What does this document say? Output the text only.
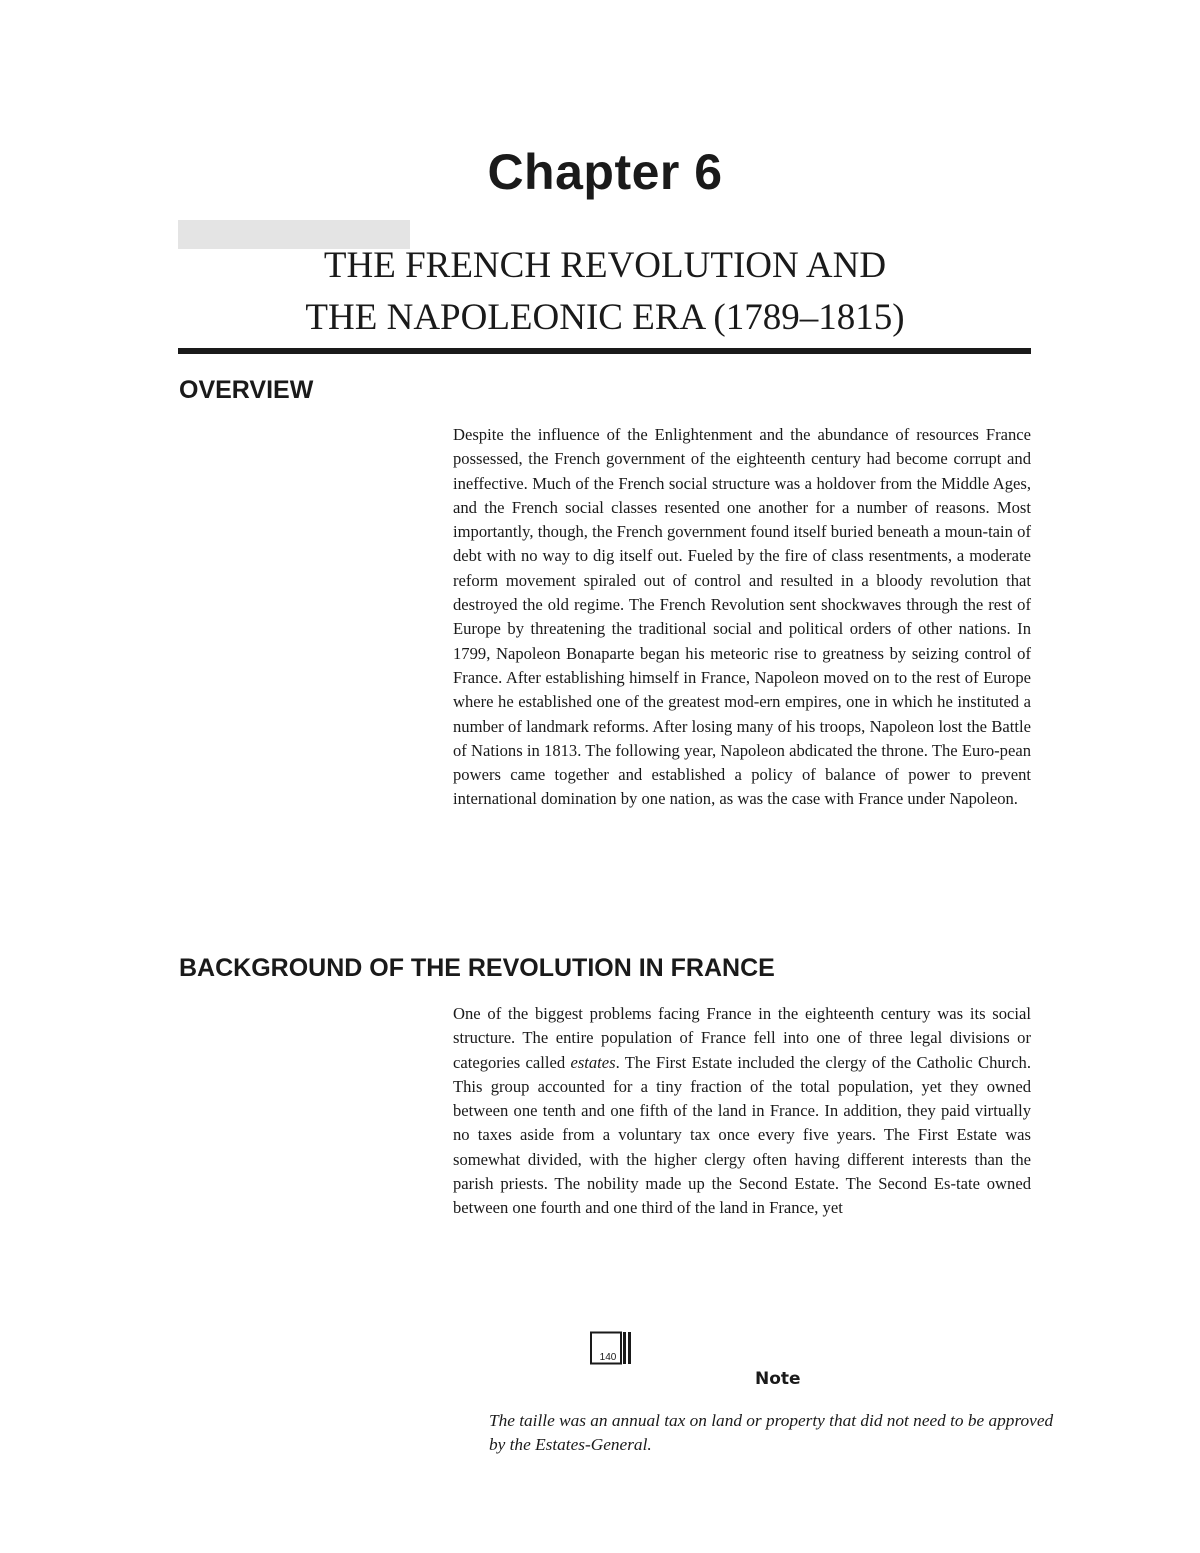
Chapter 6
THE FRENCH REVOLUTION AND
THE NAPOLEONIC ERA (1789–1815)
OVERVIEW

Despite the influence of the Enlightenment and the abundance of resources France possessed, the French government of the eighteenth century had become corrupt and ineffective. Much of the French social structure was a holdover from the Middle Ages, and the French social classes resented one another for a number of reasons. Most importantly, though, the French government found itself buried beneath a moun-tain of debt with no way to dig itself out. Fueled by the fire of class resentments, a moderate reform movement spiraled out of control and resulted in a bloody revolution that destroyed the old regime. The French Revolution sent shockwaves through the rest of Europe by threatening the traditional social and political orders of other nations. In 1799, Napoleon Bonaparte began his meteoric rise to greatness by seizing control of France. After establishing himself in France, Napoleon moved on to the rest of Europe where he established one of the greatest mod-ern empires, one in which he instituted a number of landmark reforms. After losing many of his troops, Napoleon lost the Battle of Nations in 1813. The following year, Napoleon abdicated the throne. The Euro-pean powers came together and established a policy of balance of power to prevent international domination by one nation, as was the case with France under Napoleon.

BACKGROUND OF THE REVOLUTION IN FRANCE

One of the biggest problems facing France in the eighteenth century was its social structure. The entire population of France fell into one of three legal divisions or categories called estates. The First Estate included the clergy of the Catholic Church. This group accounted for a tiny fraction of the total population, yet they owned between one tenth and one fifth of the land in France. In addition, they paid virtually no taxes aside from a voluntary tax once every five years. The First Estate was somewhat divided, with the higher clergy often having different interests than the parish priests. The nobility made up the Second Estate. The Second Es-tate owned between one fourth and one third of the land in France, yet

140
Note
The taille was an annual tax on land or property that did not need to be approved by the Estates-General.
